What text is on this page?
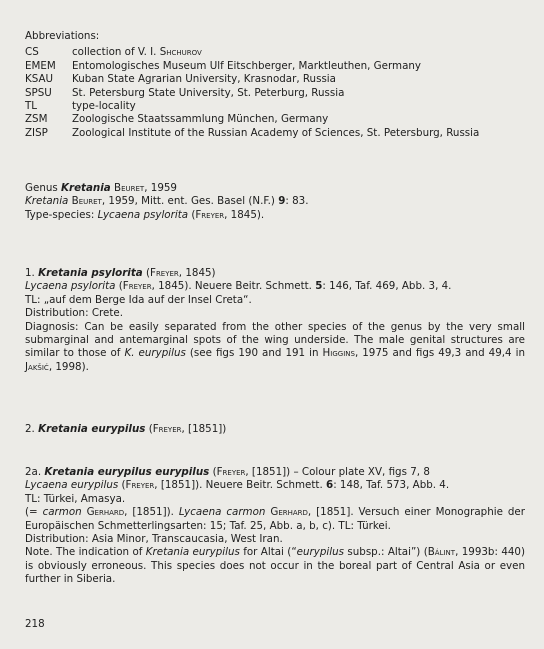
Abbreviations:
CS	collection of V. I. Shchurov
EMEM	Entomologisches Museum Ulf Eitschberger, Marktleuthen, Germany
KSAU	Kuban State Agrarian University, Krasnodar, Russia
SPSU	St. Petersburg State University, St. Peterburg, Russia
TL	type-locality
ZSM	Zoologische Staatssammlung München, Germany
ZISP	Zoological Institute of the Russian Academy of Sciences, St. Petersburg, Russia
Genus Kretania Beuret, 1959
Kretania Beuret, 1959, Mitt. ent. Ges. Basel (N.F.) 9: 83.
Type-species: Lycaena psylorita (Freyer, 1845).
1. Kretania psylorita (Freyer, 1845)
Lycaena psylorita (Freyer, 1845). Neuere Beitr. Schmett. 5: 146, Taf. 469, Abb. 3, 4.
TL: „auf dem Berge Ida auf der Insel Creta“.
Distribution: Crete.
Diagnosis: Can be easily separated from the other species of the genus by the very small submarginal and antemarginal spots of the wing underside. The male genital structures are similar to those of K. eurypilus (see figs 190 and 191 in Higgins, 1975 and figs 49,3 and 49,4 in Jakšić, 1998).
2. Kretania eurypilus (Freyer, [1851])
2a. Kretania eurypilus eurypilus (Freyer, [1851]) – Colour plate XV, figs 7, 8
Lycaena eurypilus (Freyer, [1851]). Neuere Beitr. Schmett. 6: 148, Taf. 573, Abb. 4.
TL: Türkei, Amasya.
(= carmon Gerhard, [1851]). Lycaena carmon Gerhard, [1851]. Versuch einer Monographie der Europäischen Schmetterlingsarten: 15; Taf. 25, Abb. a, b, c). TL: Türkei.
Distribution: Asia Minor, Transcaucasia, West Iran.
Note. The indication of Kretania eurypilus for Altai (“eurypilus subsp.: Altai”) (Bálint, 1993b: 440) is obviously erroneous. This species does not occur in the boreal part of Central Asia or even further in Siberia.
218
